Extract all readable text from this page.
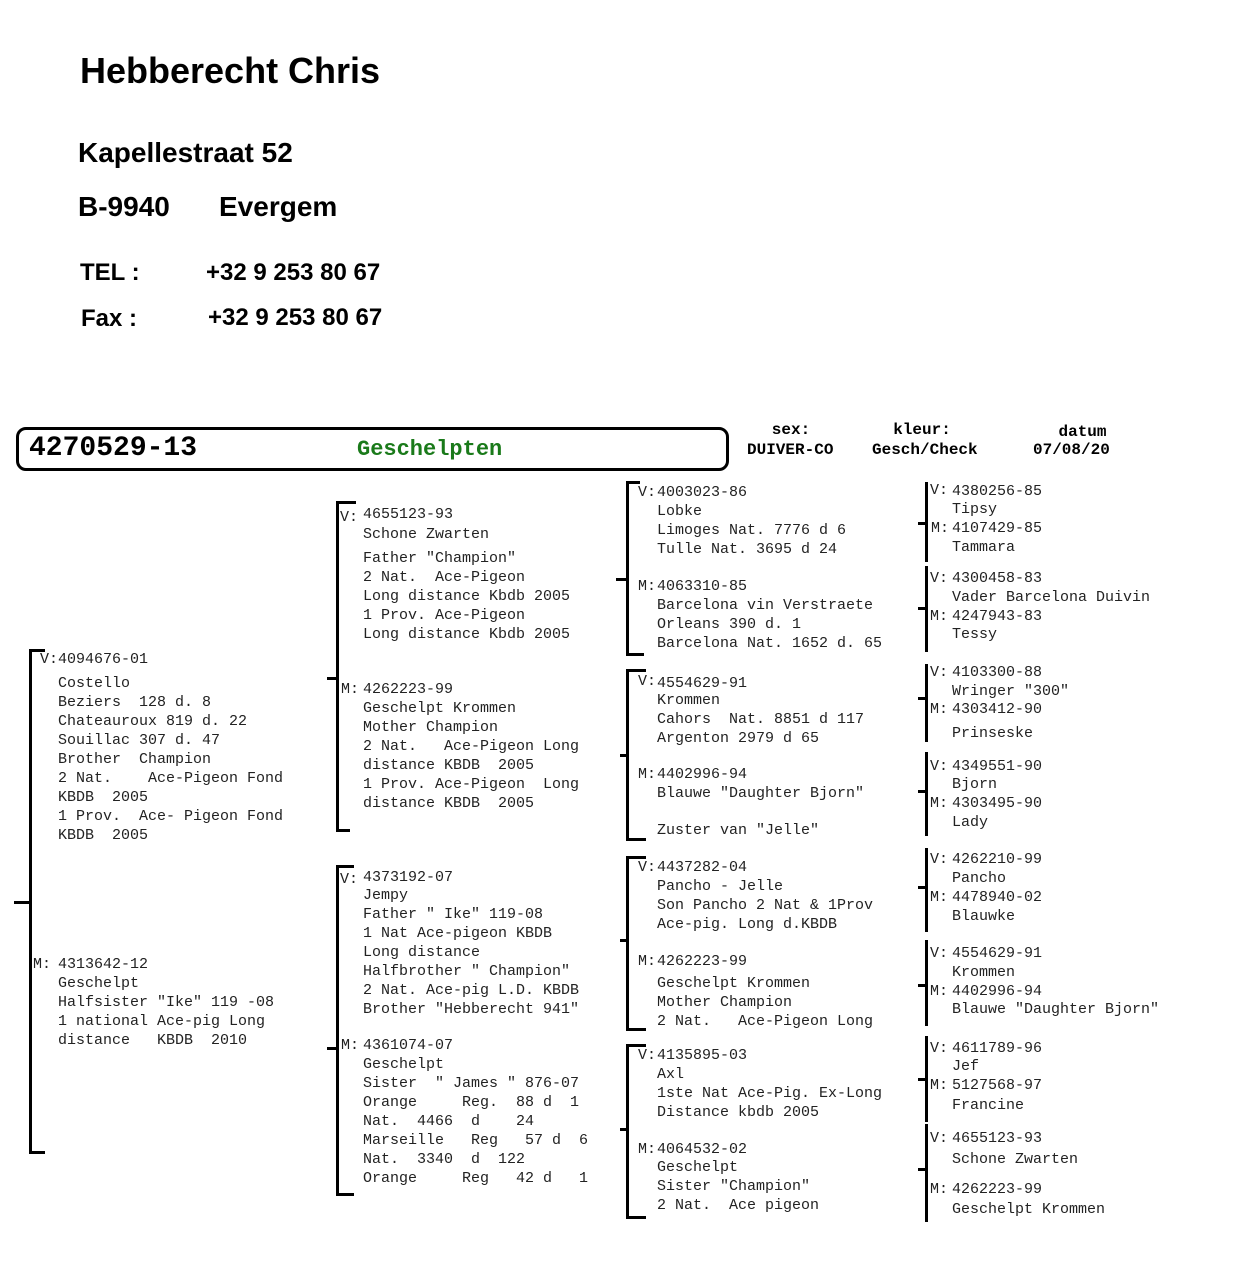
Hebberecht Chris
Kapellestraat 52
B-9940 Evergem
TEL :	+32 9 253 80 67
Fax :	+32 9 253 80 67
4270529-13	Geschelpten
sex:
DUIVER-CO
kleur:
Gesch/Check
datum
07/08/20
V: 4094676-01
Costello
Beziers  128 d. 8
Chateauroux 819 d. 22
Souillac 307 d. 47
Brother  Champion
2 Nat.    Ace-Pigeon Fond
KBDB  2005
1 Prov.  Ace- Pigeon Fond
KBDB  2005
M: 4313642-12
Geschelpt
Halfsister "Ike" 119 -08
1 national Ace-pig Long
distance   KBDB  2010
V: 4655123-93
Schone Zwarten
Father "Champion"
2 Nat.  Ace-Pigeon
Long distance Kbdb 2005
1 Prov. Ace-Pigeon
Long distance Kbdb 2005
M: 4262223-99
Geschelpt Krommen
Mother Champion
2 Nat.   Ace-Pigeon Long
distance KBDB  2005
1 Prov. Ace-Pigeon  Long
distance KBDB  2005
V: 4373192-07
Jempy
Father " Ike" 119-08
1 Nat Ace-pigeon KBDB
Long distance
Halfbrother " Champion"
2 Nat. Ace-pig L.D. KBDB
Brother "Hebberecht 941"
M: 4361074-07
Geschelpt
Sister  " James " 876-07
Orange     Reg.  88 d  1
Nat.  4466  d    24
Marseille   Reg   57 d  6
Nat.  3340  d  122
Orange     Reg   42 d   1
V: 4003023-86
Lobke
Limoges Nat. 7776 d 6
Tulle Nat. 3695 d 24
M: 4063310-85
Barcelona vin Verstraete
Orleans 390 d. 1
Barcelona Nat. 1652 d. 65
V: 4554629-91
Krommen
Cahors  Nat. 8851 d 117
Argenton 2979 d 65
M: 4402996-94
Blauwe "Daughter Bjorn"
Zuster van "Jelle"
V: 4437282-04
Pancho - Jelle
Son Pancho 2 Nat & 1Prov
Ace-pig. Long d.KBDB
M: 4262223-99
Geschelpt Krommen
Mother Champion
2 Nat.   Ace-Pigeon Long
V: 4135895-03
Axl
1ste Nat Ace-Pig. Ex-Long
Distance kbdb 2005
M: 4064532-02
Geschelpt
Sister "Champion"
2 Nat.  Ace pigeon
V: 4380256-85
Tipsy
M: 4107429-85
Tammara
V: 4300458-83
Vader Barcelona Duivin
M: 4247943-83
Tessy
V: 4103300-88
Wringer "300"
M: 4303412-90
Prinseske
V: 4349551-90
Bjorn
M: 4303495-90
Lady
V: 4262210-99
Pancho
M: 4478940-02
Blauwke
V: 4554629-91
Krommen
M: 4402996-94
Blauwe "Daughter Bjorn"
V: 4611789-96
Jef
M: 5127568-97
Francine
V: 4655123-93
Schone Zwarten
M: 4262223-99
Geschelpt Krommen
